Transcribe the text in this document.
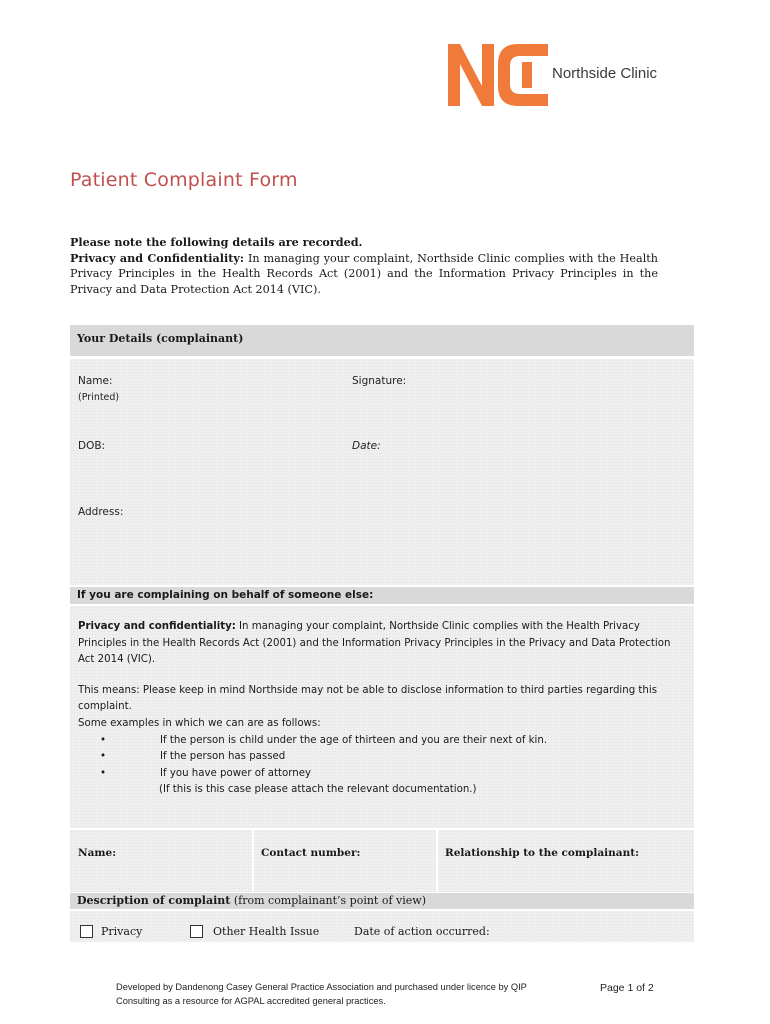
Northside Clinic
Patient Complaint Form
Please note the following details are recorded.
Privacy and Confidentiality: In managing your complaint, Northside Clinic complies with the Health Privacy Principles in the Health Records Act (2001) and the Information Privacy Principles in the Privacy and Data Protection Act 2014 (VIC).
Your Details (complainant)
Name:
(Printed)
Signature:
DOB:	Date:
Address:
If you are complaining on behalf of someone else:
Privacy and confidentiality: In managing your complaint, Northside Clinic complies with the Health Privacy Principles in the Health Records Act (2001) and the Information Privacy Principles in the Privacy and Data Protection Act 2014 (VIC).
This means: Please keep in mind Northside may not be able to disclose information to third parties regarding this complaint.
Some examples in which we can are as follows:
•	If the person is child under the age of thirteen and you are their next of kin.
•	If the person has passed
•	If you have power of attorney
(If this is this case please attach the relevant documentation.)
Name:	Contact number:	Relationship to the complainant:
Description of complaint (from complainant’s point of view)
Privacy	Other Health Issue	Date of action occurred:
Developed by Dandenong Casey General Practice Association and purchased under licence by QIP Consulting as a resource for AGPAL accredited general practices.
Page 1 of 2
